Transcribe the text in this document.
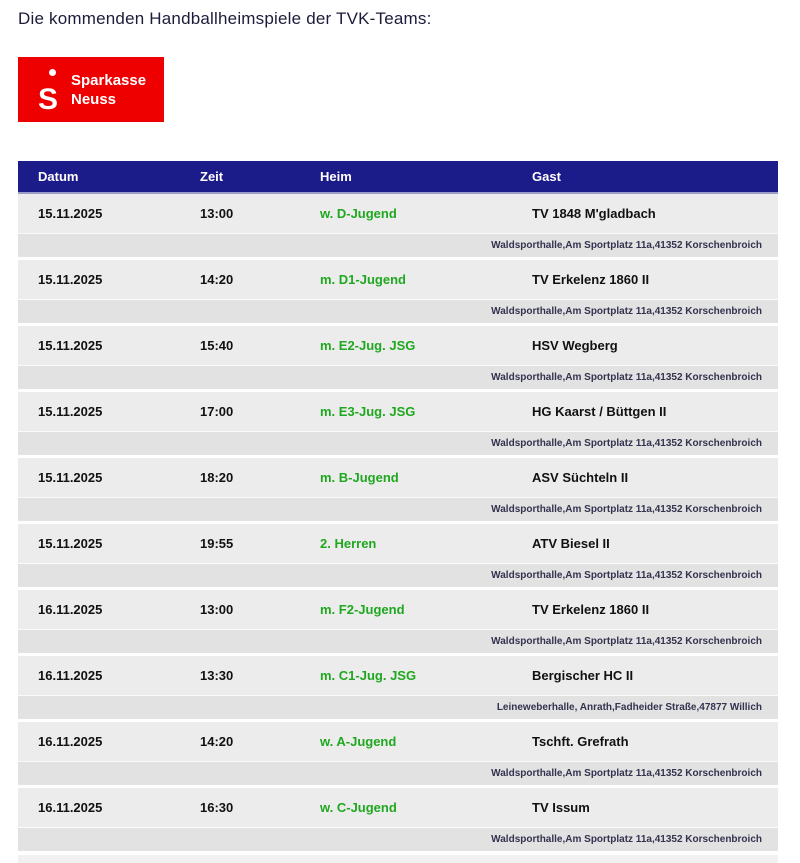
Die kommenden Handballheimspiele der TVK-Teams:
S
Sparkasse
Neuss
Datum	Zeit	Heim	Gast
15.11.2025	13:00	w. D-Jugend	TV 1848 M'gladbach
Waldsporthalle,Am Sportplatz 11a,41352 Korschenbroich
15.11.2025	14:20	m. D1-Jugend	TV Erkelenz 1860 II
Waldsporthalle,Am Sportplatz 11a,41352 Korschenbroich
15.11.2025	15:40	m. E2-Jug. JSG	HSV Wegberg
Waldsporthalle,Am Sportplatz 11a,41352 Korschenbroich
15.11.2025	17:00	m. E3-Jug. JSG	HG Kaarst / Büttgen II
Waldsporthalle,Am Sportplatz 11a,41352 Korschenbroich
15.11.2025	18:20	m. B-Jugend	ASV Süchteln II
Waldsporthalle,Am Sportplatz 11a,41352 Korschenbroich
15.11.2025	19:55	2. Herren	ATV Biesel II
Waldsporthalle,Am Sportplatz 11a,41352 Korschenbroich
16.11.2025	13:00	m. F2-Jugend	TV Erkelenz 1860 II
Waldsporthalle,Am Sportplatz 11a,41352 Korschenbroich
16.11.2025	13:30	m. C1-Jug. JSG	Bergischer HC II
Leineweberhalle, Anrath,Fadheider Straße,47877 Willich
16.11.2025	14:20	w. A-Jugend	Tschft. Grefrath
Waldsporthalle,Am Sportplatz 11a,41352 Korschenbroich
16.11.2025	16:30	w. C-Jugend	TV Issum
Waldsporthalle,Am Sportplatz 11a,41352 Korschenbroich
